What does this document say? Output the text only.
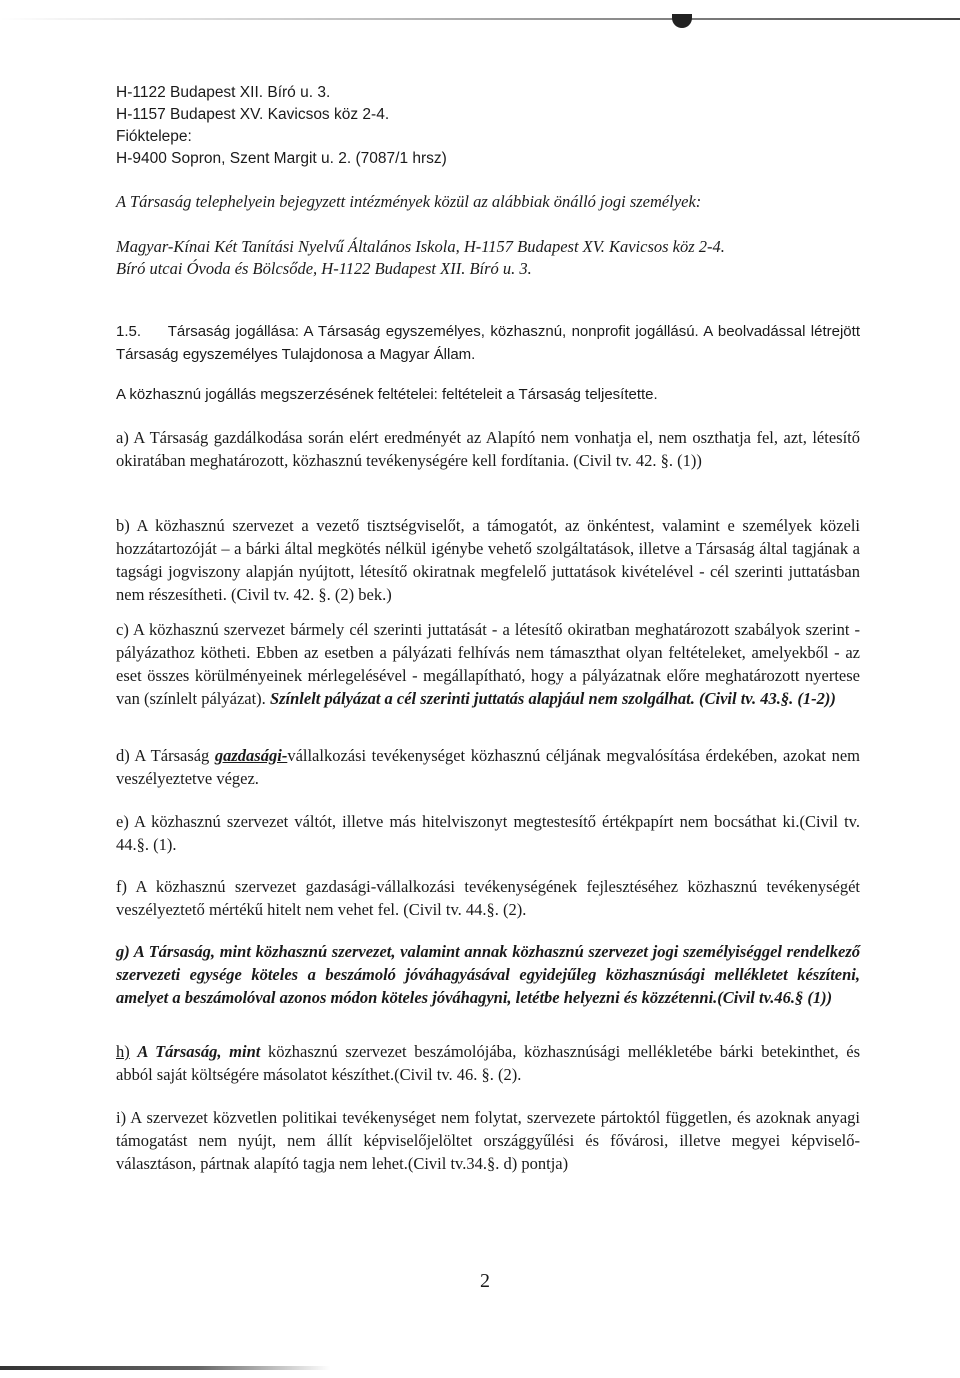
H-1122 Budapest XII. Bíró u. 3.
H-1157 Budapest XV. Kavicsos köz 2-4.
Fióktelepe:
H-9400 Sopron, Szent Margit u. 2. (7087/1 hrsz)
A Társaság telephelyein bejegyzett intézmények közül az alábbiak önálló jogi személyek:
Magyar-Kínai Két Tanítási Nyelvű Általános Iskola, H-1157 Budapest XV. Kavicsos köz 2-4.
Bíró utcai Óvoda és Bölcsőde, H-1122 Budapest XII. Bíró u. 3.
1.5. Társaság jogállása: A Társaság egyszemélyes, közhasznú, nonprofit jogállású. A beolvadással létrejött Társaság egyszemélyes Tulajdonosa a Magyar Állam.
A közhasznú jogállás megszerzésének feltételei: feltételeit a Társaság teljesítette.
a) A Társaság gazdálkodása során elért eredményét az Alapító nem vonhatja el, nem oszthatja fel, azt, létesítő okiratában meghatározott, közhasznú tevékenységére kell fordítania. (Civil tv. 42. §. (1))
b) A közhasznú szervezet a vezető tisztségviselőt, a támogatót, az önkéntest, valamint e személyek közeli hozzátartozóját – a bárki által megkötés nélkül igénybe vehető szolgáltatások, illetve a Társaság által tagjának a tagsági jogviszony alapján nyújtott, létesítő okiratnak megfelelő juttatások kivételével - cél szerinti juttatásban nem részesítheti. (Civil tv. 42. §. (2) bek.)
c) A közhasznú szervezet bármely cél szerinti juttatását - a létesítő okiratban meghatározott szabályok szerint - pályázathoz kötheti. Ebben az esetben a pályázati felhívás nem támaszthat olyan feltételeket, amelyekből - az eset összes körülményeinek mérlegelésével - megállapítható, hogy a pályázatnak előre meghatározott nyertese van (színlelt pályázat). Színlelt pályázat a cél szerinti juttatás alapjául nem szolgálhat. (Civil tv. 43.§. (1-2))
d) A Társaság gazdasági-vállalkozási tevékenységet közhasznú céljának megvalósítása érdekében, azokat nem veszélyeztetve végez.
e) A közhasznú szervezet váltót, illetve más hitelviszonyt megtestesítő értékpapírt nem bocsáthat ki.(Civil tv. 44.§. (1).
f) A közhasznú szervezet gazdasági-vállalkozási tevékenységének fejlesztéséhez közhasznú tevékenységét veszélyeztető mértékű hitelt nem vehet fel. (Civil tv. 44.§. (2).
g) A Társaság, mint közhasznú szervezet, valamint annak közhasznú szervezet jogi személyiséggel rendelkező szervezeti egysége köteles a beszámoló jóváhagyásával egyidejűleg közhasznúsági mellékletet készíteni, amelyet a beszámolóval azonos módon köteles jóváhagyni, letétbe helyezni és közzétenni.(Civil tv.46.§ (1))
h) A Társaság, mint közhasznú szervezet beszámolójába, közhasznúsági mellékletébe bárki betekinthet, és abból saját költségére másolatot készíthet.(Civil tv. 46. §. (2).
i) A szervezet közvetlen politikai tevékenységet nem folytat, szervezete pártoktól független, és azoknak anyagi támogatást nem nyújt, nem állít képviselőjelöltet országgyűlési és fővárosi, illetve megyei képviselő-választáson, pártnak alapító tagja nem lehet.(Civil tv.34.§. d) pontja)
2
